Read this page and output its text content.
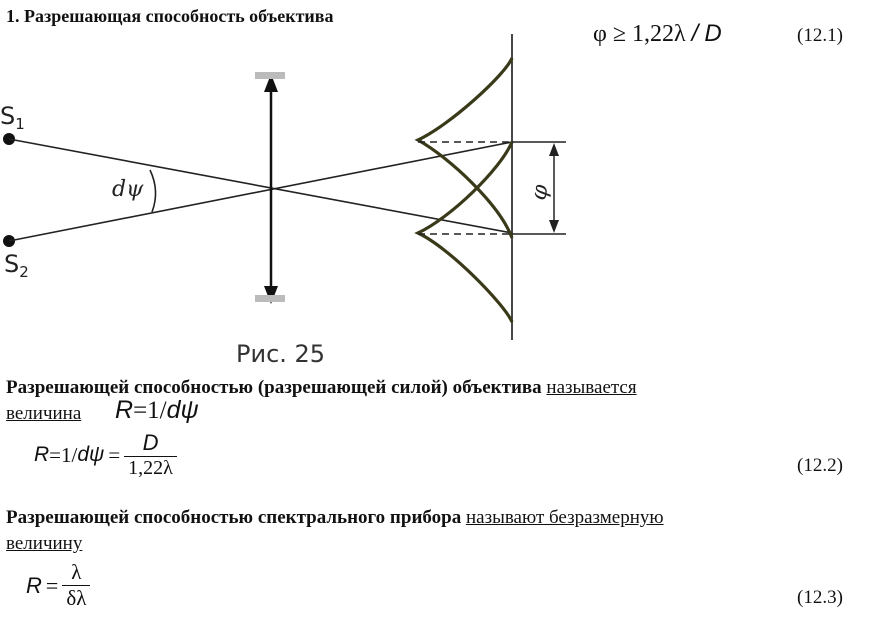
1. Разрешающая способность объектива
φ ≥ 1,22λ / D	(12.1)
$S_1$
$S_2$
dψ	φ
Рис. 25
Разрешающей способностью (разрешающей силой) объектива называется
величина R=1/dψ
$R = 1 / d\psi = \frac{D}{1,22\lambda}$	(12.2)
Разрешающей способностью спектрального прибора называют безразмерную
величину
$R = \frac{\lambda}{\delta\lambda}$	(12.3)
